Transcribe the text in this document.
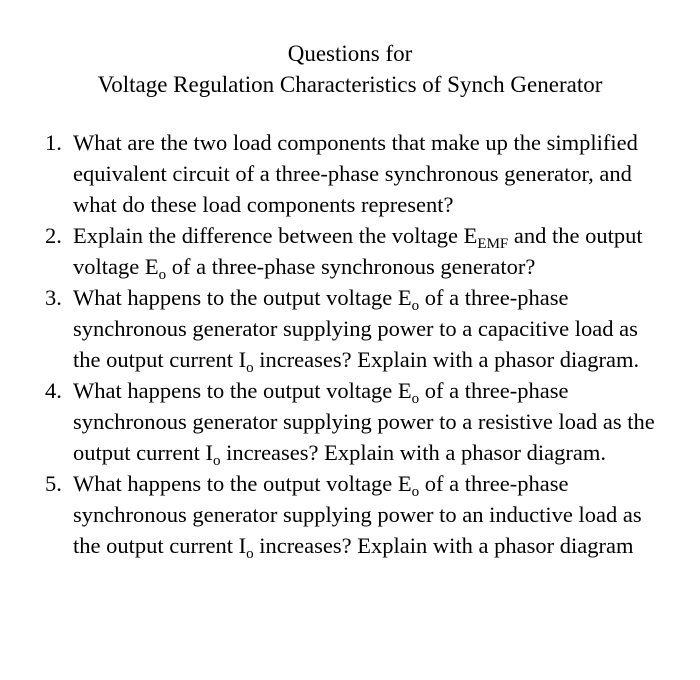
Questions for
Voltage Regulation Characteristics of Synch Generator
1. What are the two load components that make up the simplified equivalent circuit of a three-phase synchronous generator, and what do these load components represent?
2. Explain the difference between the voltage $E_{EMF}$ and the output voltage $E_o$ of a three-phase synchronous generator?
3. What happens to the output voltage $E_o$ of a three-phase synchronous generator supplying power to a capacitive load as the output current $I_o$ increases? Explain with a phasor diagram.
4. What happens to the output voltage $E_o$ of a three-phase synchronous generator supplying power to a resistive load as the output current $I_o$ increases? Explain with a phasor diagram.
5. What happens to the output voltage $E_o$ of a three-phase synchronous generator supplying power to an inductive load as the output current $I_o$ increases? Explain with a phasor diagram
